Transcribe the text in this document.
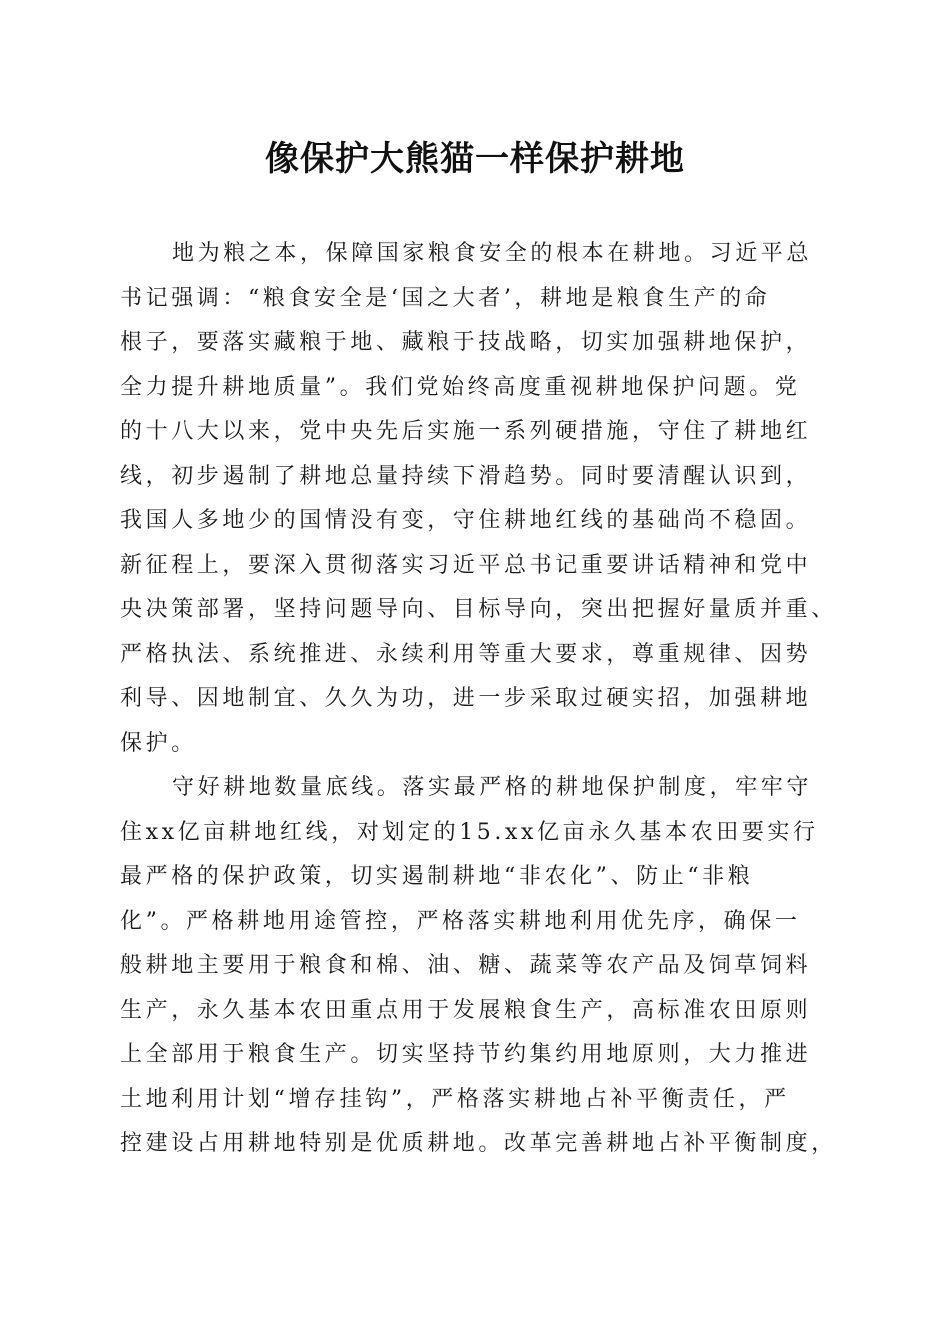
像保护大熊猫一样保护耕地

地为粮之本，保障国家粮食安全的根本在耕地。习近平总
书记强调：“粮食安全是‘国之大者’，耕地是粮食生产的命
根子，要落实藏粮于地、藏粮于技战略，切实加强耕地保护，
全力提升耕地质量”。我们党始终高度重视耕地保护问题。党
的十八大以来，党中央先后实施一系列硬措施，守住了耕地红
线，初步遏制了耕地总量持续下滑趋势。同时要清醒认识到，
我国人多地少的国情没有变，守住耕地红线的基础尚不稳固。
新征程上，要深入贯彻落实习近平总书记重要讲话精神和党中
央决策部署，坚持问题导向、目标导向，突出把握好量质并重、
严格执法、系统推进、永续利用等重大要求，尊重规律、因势
利导、因地制宜、久久为功，进一步采取过硬实招，加强耕地
保护。

守好耕地数量底线。落实最严格的耕地保护制度，牢牢守
住xx亿亩耕地红线，对划定的15.xx亿亩永久基本农田要实行
最严格的保护政策，切实遏制耕地“非农化”、防止“非粮
化”。严格耕地用途管控，严格落实耕地利用优先序，确保一
般耕地主要用于粮食和棉、油、糖、蔬菜等农产品及饲草饲料
生产，永久基本农田重点用于发展粮食生产，高标准农田原则
上全部用于粮食生产。切实坚持节约集约用地原则，大力推进
土地利用计划“增存挂钩”，严格落实耕地占补平衡责任，严
控建设占用耕地特别是优质耕地。改革完善耕地占补平衡制度，
